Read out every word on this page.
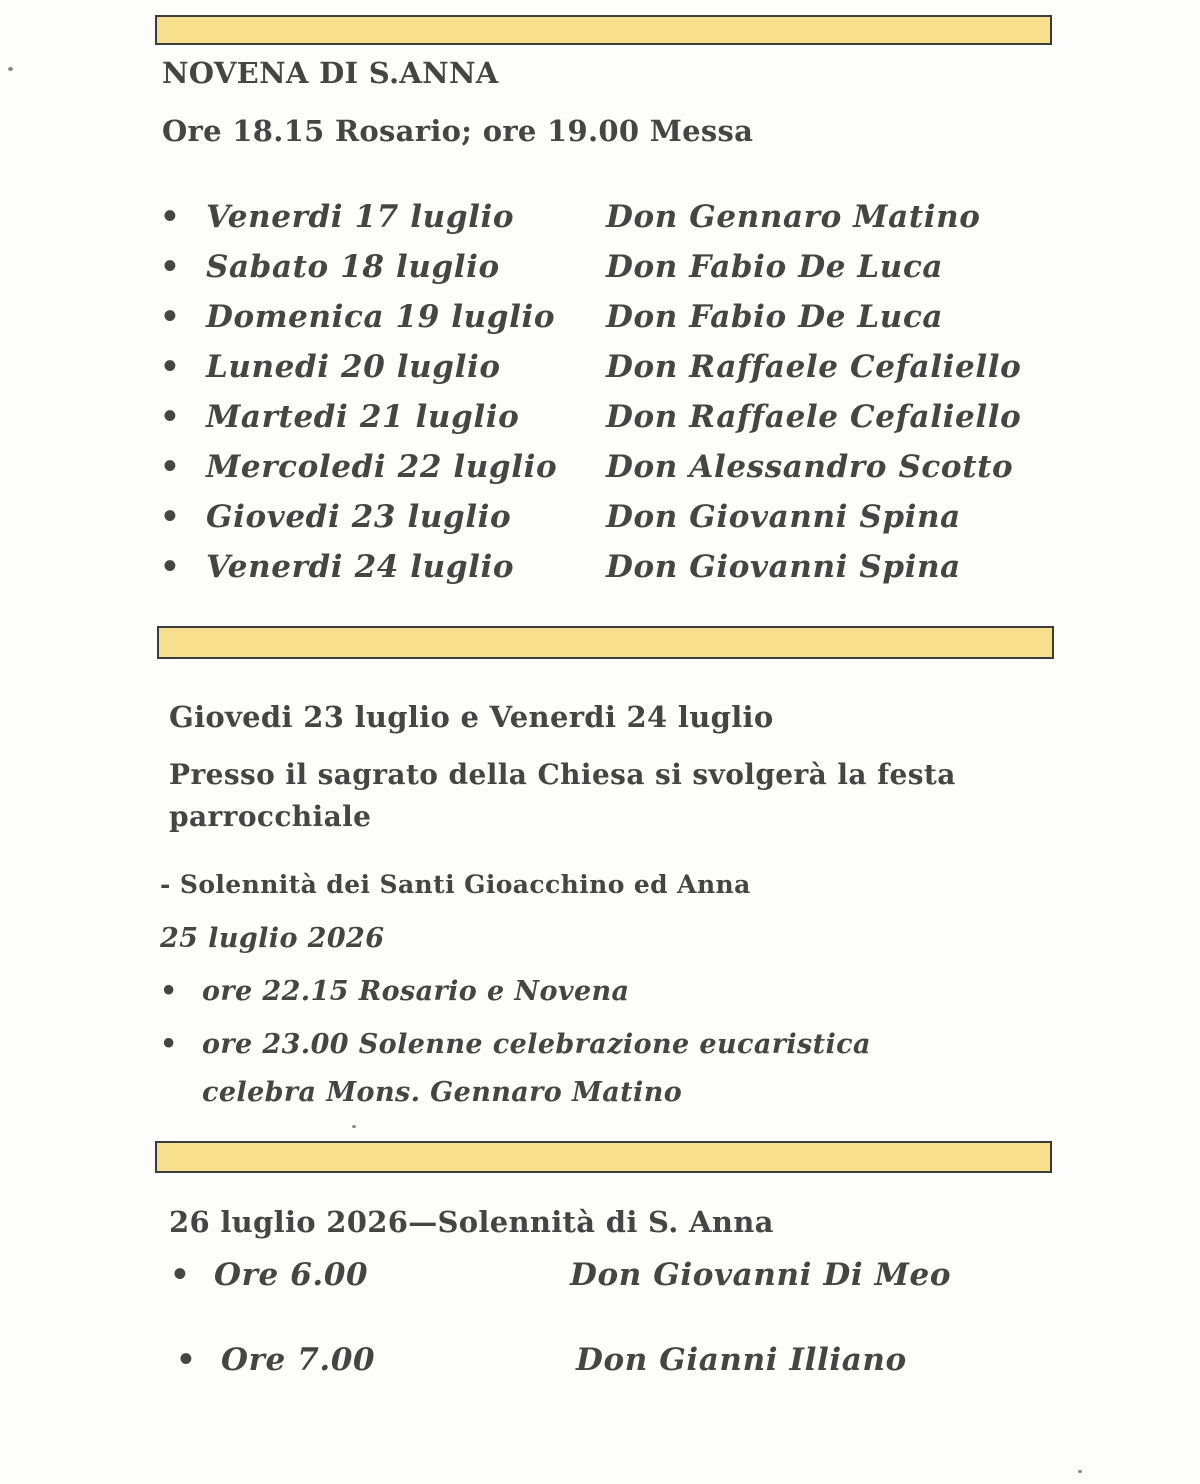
NOVENA DI S.ANNA
Ore 18.15 Rosario; ore 19.00 Messa
• Venerdi 17 luglio	Don Gennaro Matino
• Sabato 18 luglio	Don Fabio De Luca
• Domenica 19 luglio Don Fabio De Luca
• Lunedi 20 luglio	Don Raffaele Cefaliello
• Martedi 21 luglio	Don Raffaele Cefaliello
• Mercoledi 22 luglio Don Alessandro Scotto
• Giovedi 23 luglio	Don Giovanni Spina
• Venerdi 24 luglio	Don Giovanni Spina
Giovedi 23 luglio e Venerdi 24 luglio
Presso il sagrato della Chiesa si svolgerà la festa parrocchiale
- Solennità dei Santi Gioacchino ed Anna
25 luglio 2026
• ore 22.15 Rosario e Novena
• ore 23.00 Solenne celebrazione eucaristica
celebra Mons. Gennaro Matino
26 luglio 2026—Solennità di S. Anna
• Ore 6.00	Don Giovanni Di Meo
• Ore 7.00	Don Gianni Illiano
